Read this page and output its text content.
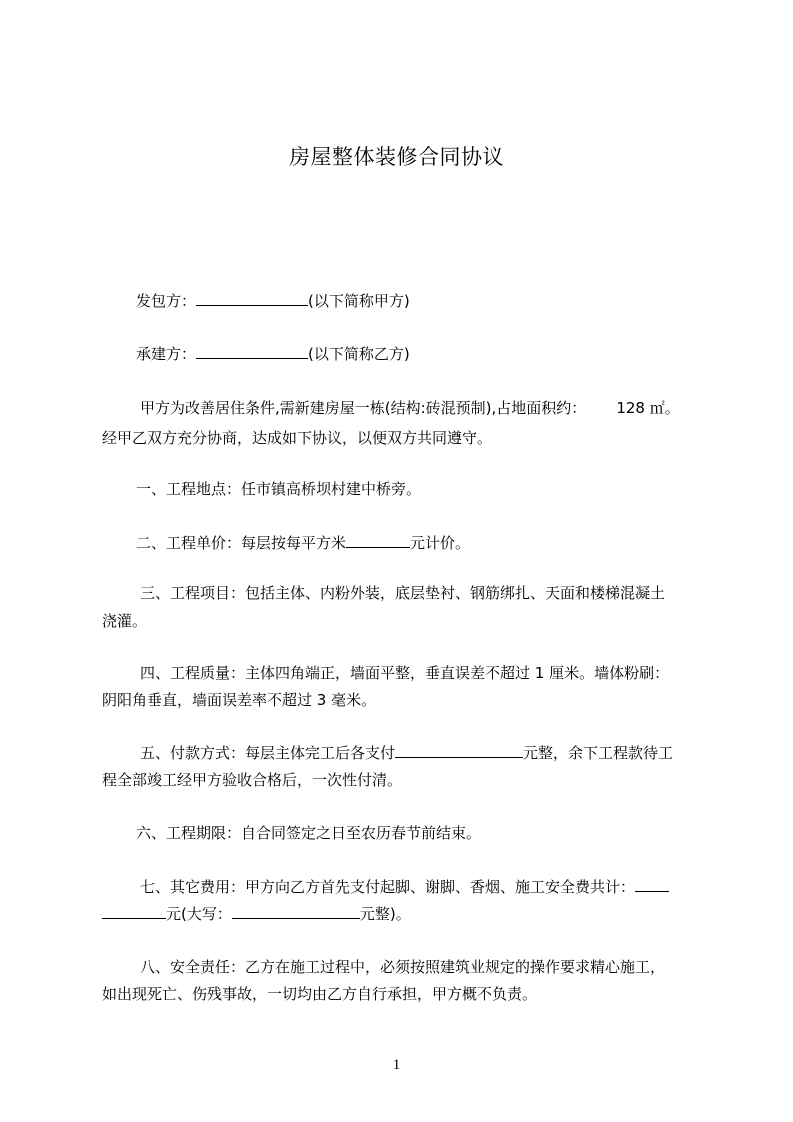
房屋整体装修合同协议
发包方：	(以下简称甲方)
承建方：	(以下简称乙方)
甲方为改善居住条件,需新建房屋一栋(结构:砖混预制),占地面积约： 128 ㎡。
经甲乙双方充分协商，达成如下协议，以便双方共同遵守。
一、工程地点：任市镇高桥坝村建中桥旁。
二、工程单价：每层按每平方米	元计价。
三、工程项目：包括主体、内粉外装，底层垫衬、钢筋绑扎、天面和楼梯混凝土
浇灌。
四、工程质量：主体四角端正，墙面平整，垂直误差不超过 1 厘米。墙体粉刷：
阴阳角垂直，墙面误差率不超过 3 毫米。
五、付款方式：每层主体完工后各支付	元整，余下工程款待工
程全部竣工经甲方验收合格后，一次性付清。
六、工程期限：自合同签定之日至农历春节前结束。
七、其它费用：甲方向乙方首先支付起脚、谢脚、香烟、施工安全费共计：
元(大写：	元整)。
八、安全责任：乙方在施工过程中，必须按照建筑业规定的操作要求精心施工，
如出现死亡、伤残事故，一切均由乙方自行承担，甲方概不负责。
1
